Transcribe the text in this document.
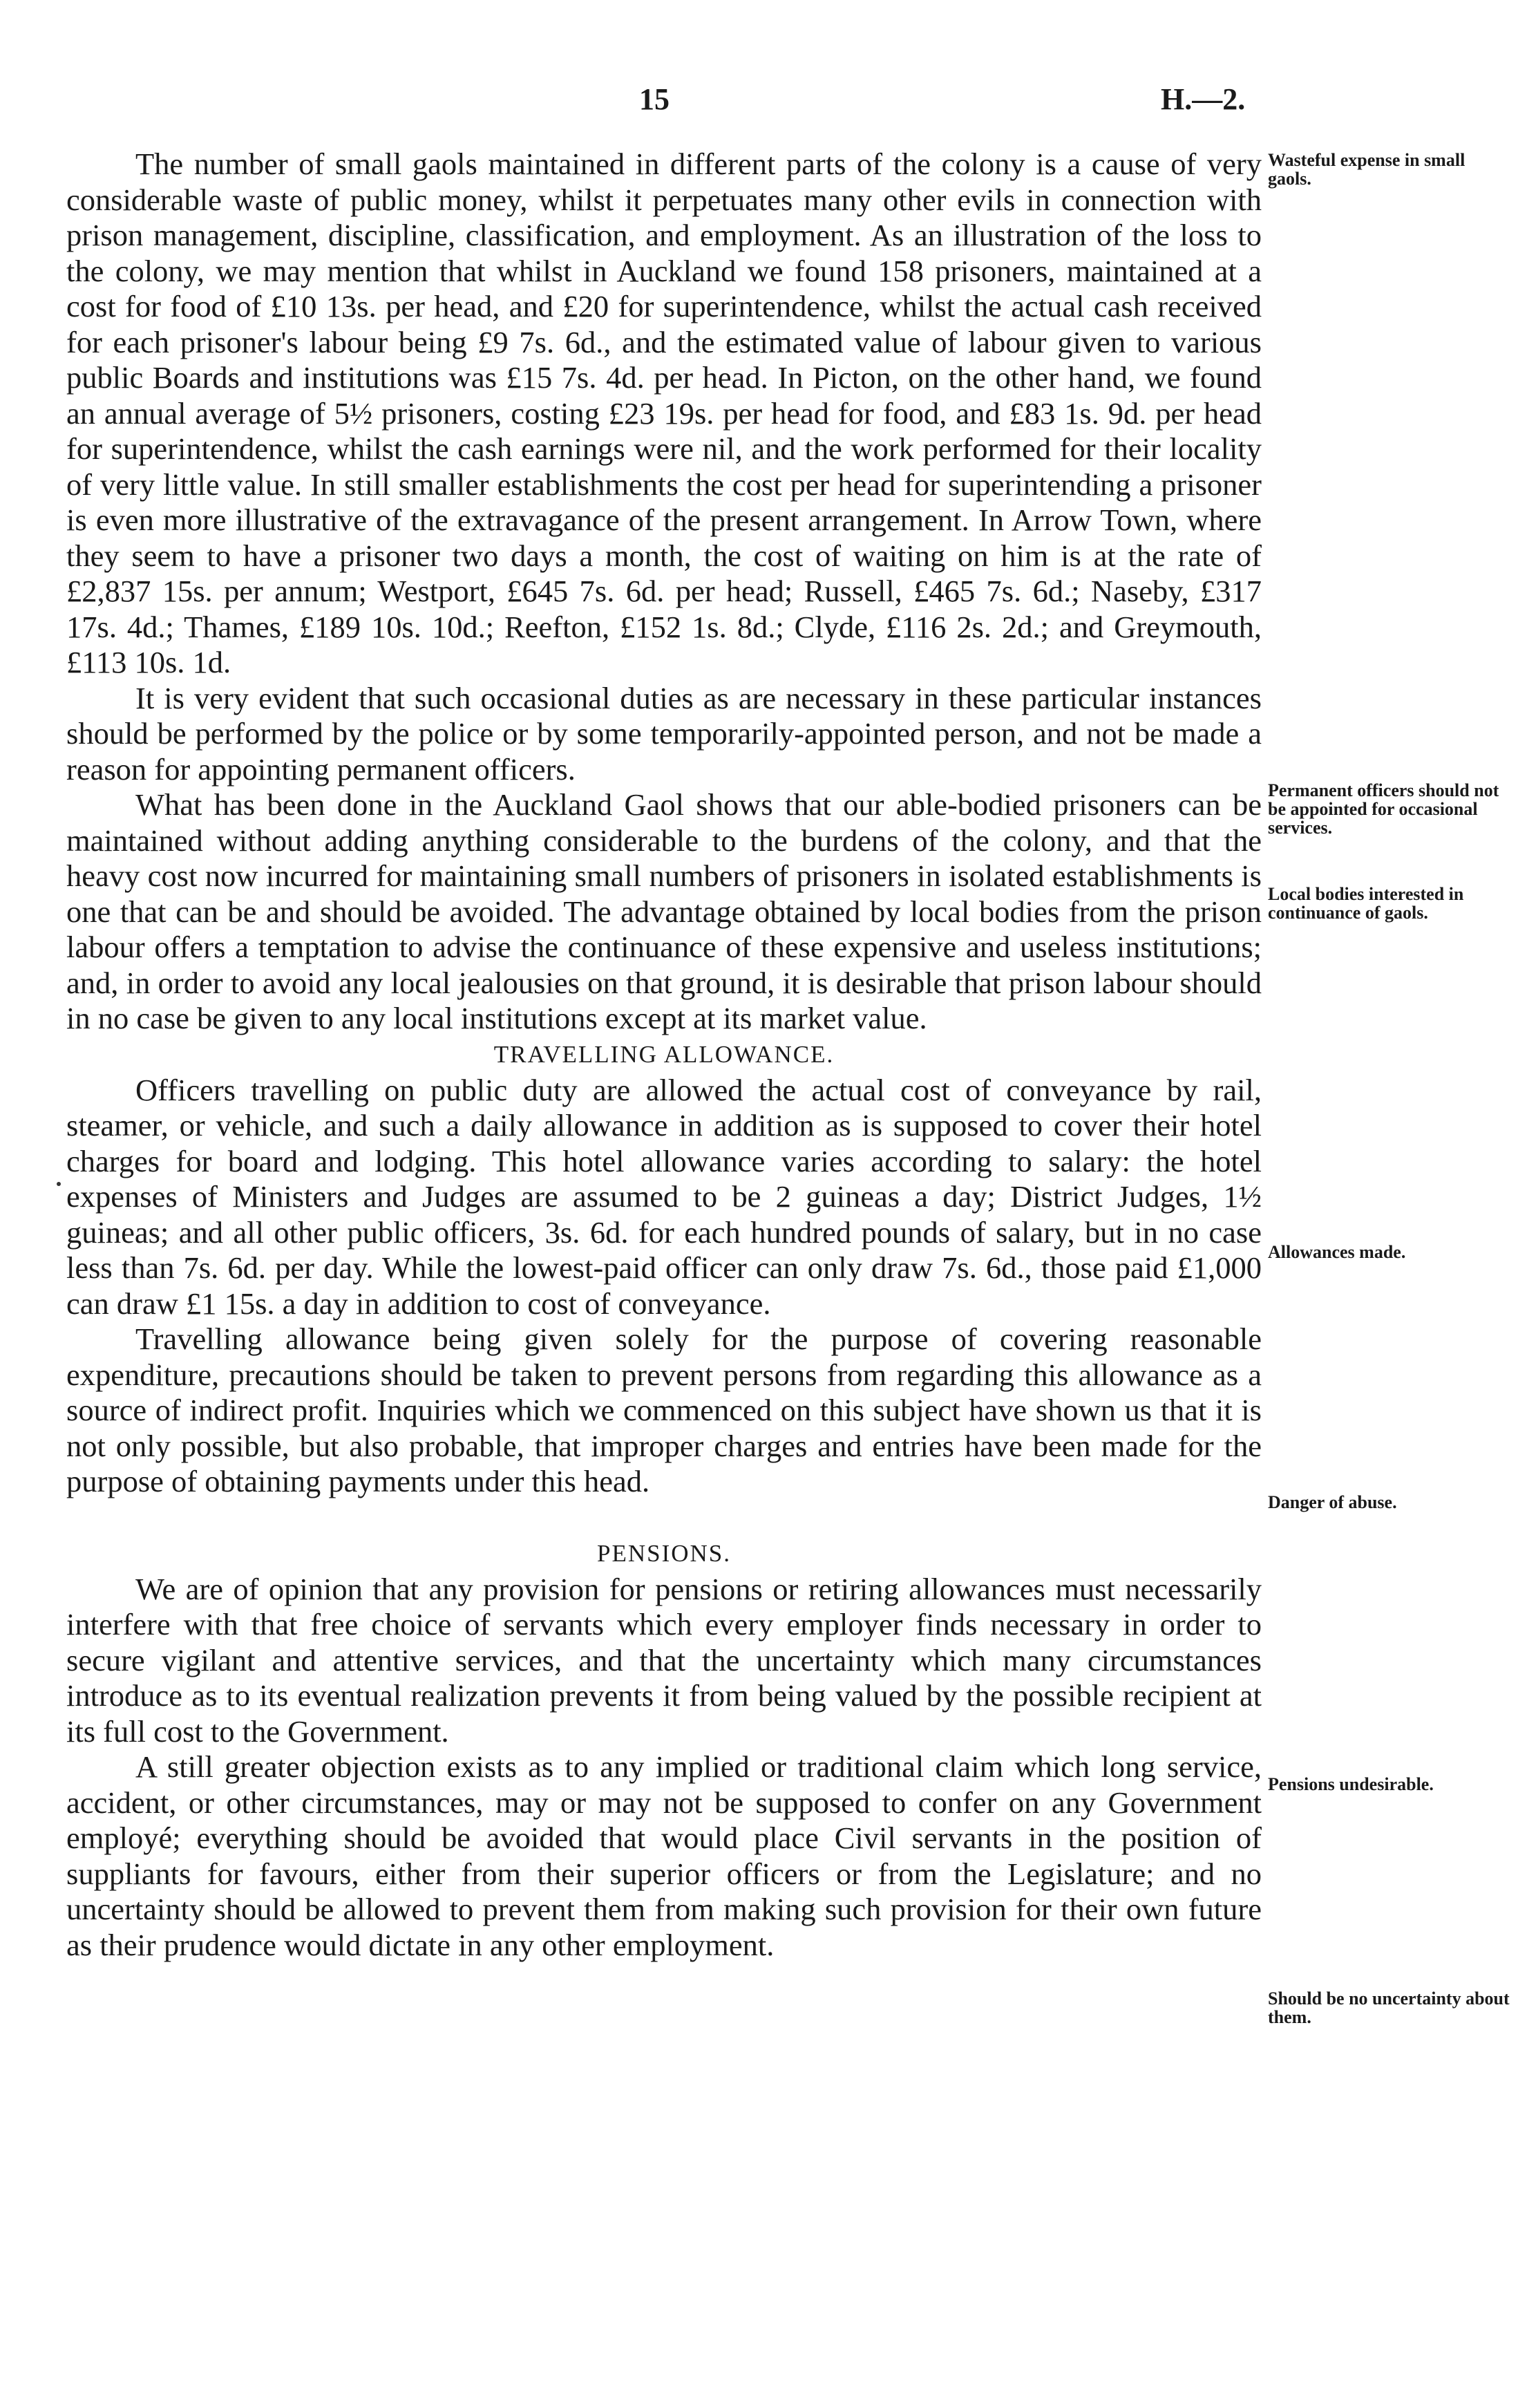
15	H.—2.

The number of small gaols maintained in different parts of the colony is a cause of very considerable waste of public money, whilst it perpetuates many other evils in connection with prison management, discipline, classification, and employment. As an illustration of the loss to the colony, we may mention that whilst in Auckland we found 158 prisoners, maintained at a cost for food of £10 13s. per head, and £20 for superintendence, whilst the actual cash received for each prisoner's labour being £9 7s. 6d., and the estimated value of labour given to various public Boards and institutions was £15 7s. 4d. per head. In Picton, on the other hand, we found an annual average of 5½ prisoners, costing £23 19s. per head for food, and £83 1s. 9d. per head for superintendence, whilst the cash earnings were nil, and the work performed for their locality of very little value. In still smaller establishments the cost per head for superintending a prisoner is even more illustrative of the extravagance of the present arrangement. In Arrow Town, where they seem to have a prisoner two days a month, the cost of waiting on him is at the rate of £2,837 15s. per annum; Westport, £645 7s. 6d. per head; Russell, £465 7s. 6d.; Naseby, £317 17s. 4d.; Thames, £189 10s. 10d.; Reefton, £152 1s. 8d.; Clyde, £116 2s. 2d.; and Greymouth, £113 10s. 1d.

It is very evident that such occasional duties as are necessary in these particular instances should be performed by the police or by some temporarily-appointed person, and not be made a reason for appointing permanent officers.

What has been done in the Auckland Gaol shows that our able-bodied prisoners can be maintained without adding anything considerable to the burdens of the colony, and that the heavy cost now incurred for maintaining small numbers of prisoners in isolated establishments is one that can be and should be avoided. The advantage obtained by local bodies from the prison labour offers a temptation to advise the continuance of these expensive and useless institutions; and, in order to avoid any local jealousies on that ground, it is desirable that prison labour should in no case be given to any local institutions except at its market value.

TRAVELLING ALLOWANCE.

Officers travelling on public duty are allowed the actual cost of conveyance by rail, steamer, or vehicle, and such a daily allowance in addition as is supposed to cover their hotel charges for board and lodging. This hotel allowance varies according to salary: the hotel expenses of Ministers and Judges are assumed to be 2 guineas a day; District Judges, 1½ guineas; and all other public officers, 3s. 6d. for each hundred pounds of salary, but in no case less than 7s. 6d. per day. While the lowest-paid officer can only draw 7s. 6d., those paid £1,000 can draw £1 15s. a day in addition to cost of conveyance.

Travelling allowance being given solely for the purpose of covering reasonable expenditure, precautions should be taken to prevent persons from regarding this allowance as a source of indirect profit. Inquiries which we commenced on this subject have shown us that it is not only possible, but also probable, that improper charges and entries have been made for the purpose of obtaining payments under this head.

PENSIONS.

We are of opinion that any provision for pensions or retiring allowances must necessarily interfere with that free choice of servants which every employer finds necessary in order to secure vigilant and attentive services, and that the uncertainty which many circumstances introduce as to its eventual realization prevents it from being valued by the possible recipient at its full cost to the Government.

A still greater objection exists as to any implied or traditional claim which long service, accident, or other circumstances, may or may not be supposed to confer on any Government employé; everything should be avoided that would place Civil servants in the position of suppliants for favours, either from their superior officers or from the Legislature; and no uncertainty should be allowed to prevent them from making such provision for their own future as their prudence would dictate in any other employment.

Wasteful expense in small gaols.

Permanent officers should not be appointed for occasional services.

Local bodies interested in continuance of gaols.

Allowances made.

Danger of abuse.

Pensions undesirable.

Should be no uncertainty about them.
